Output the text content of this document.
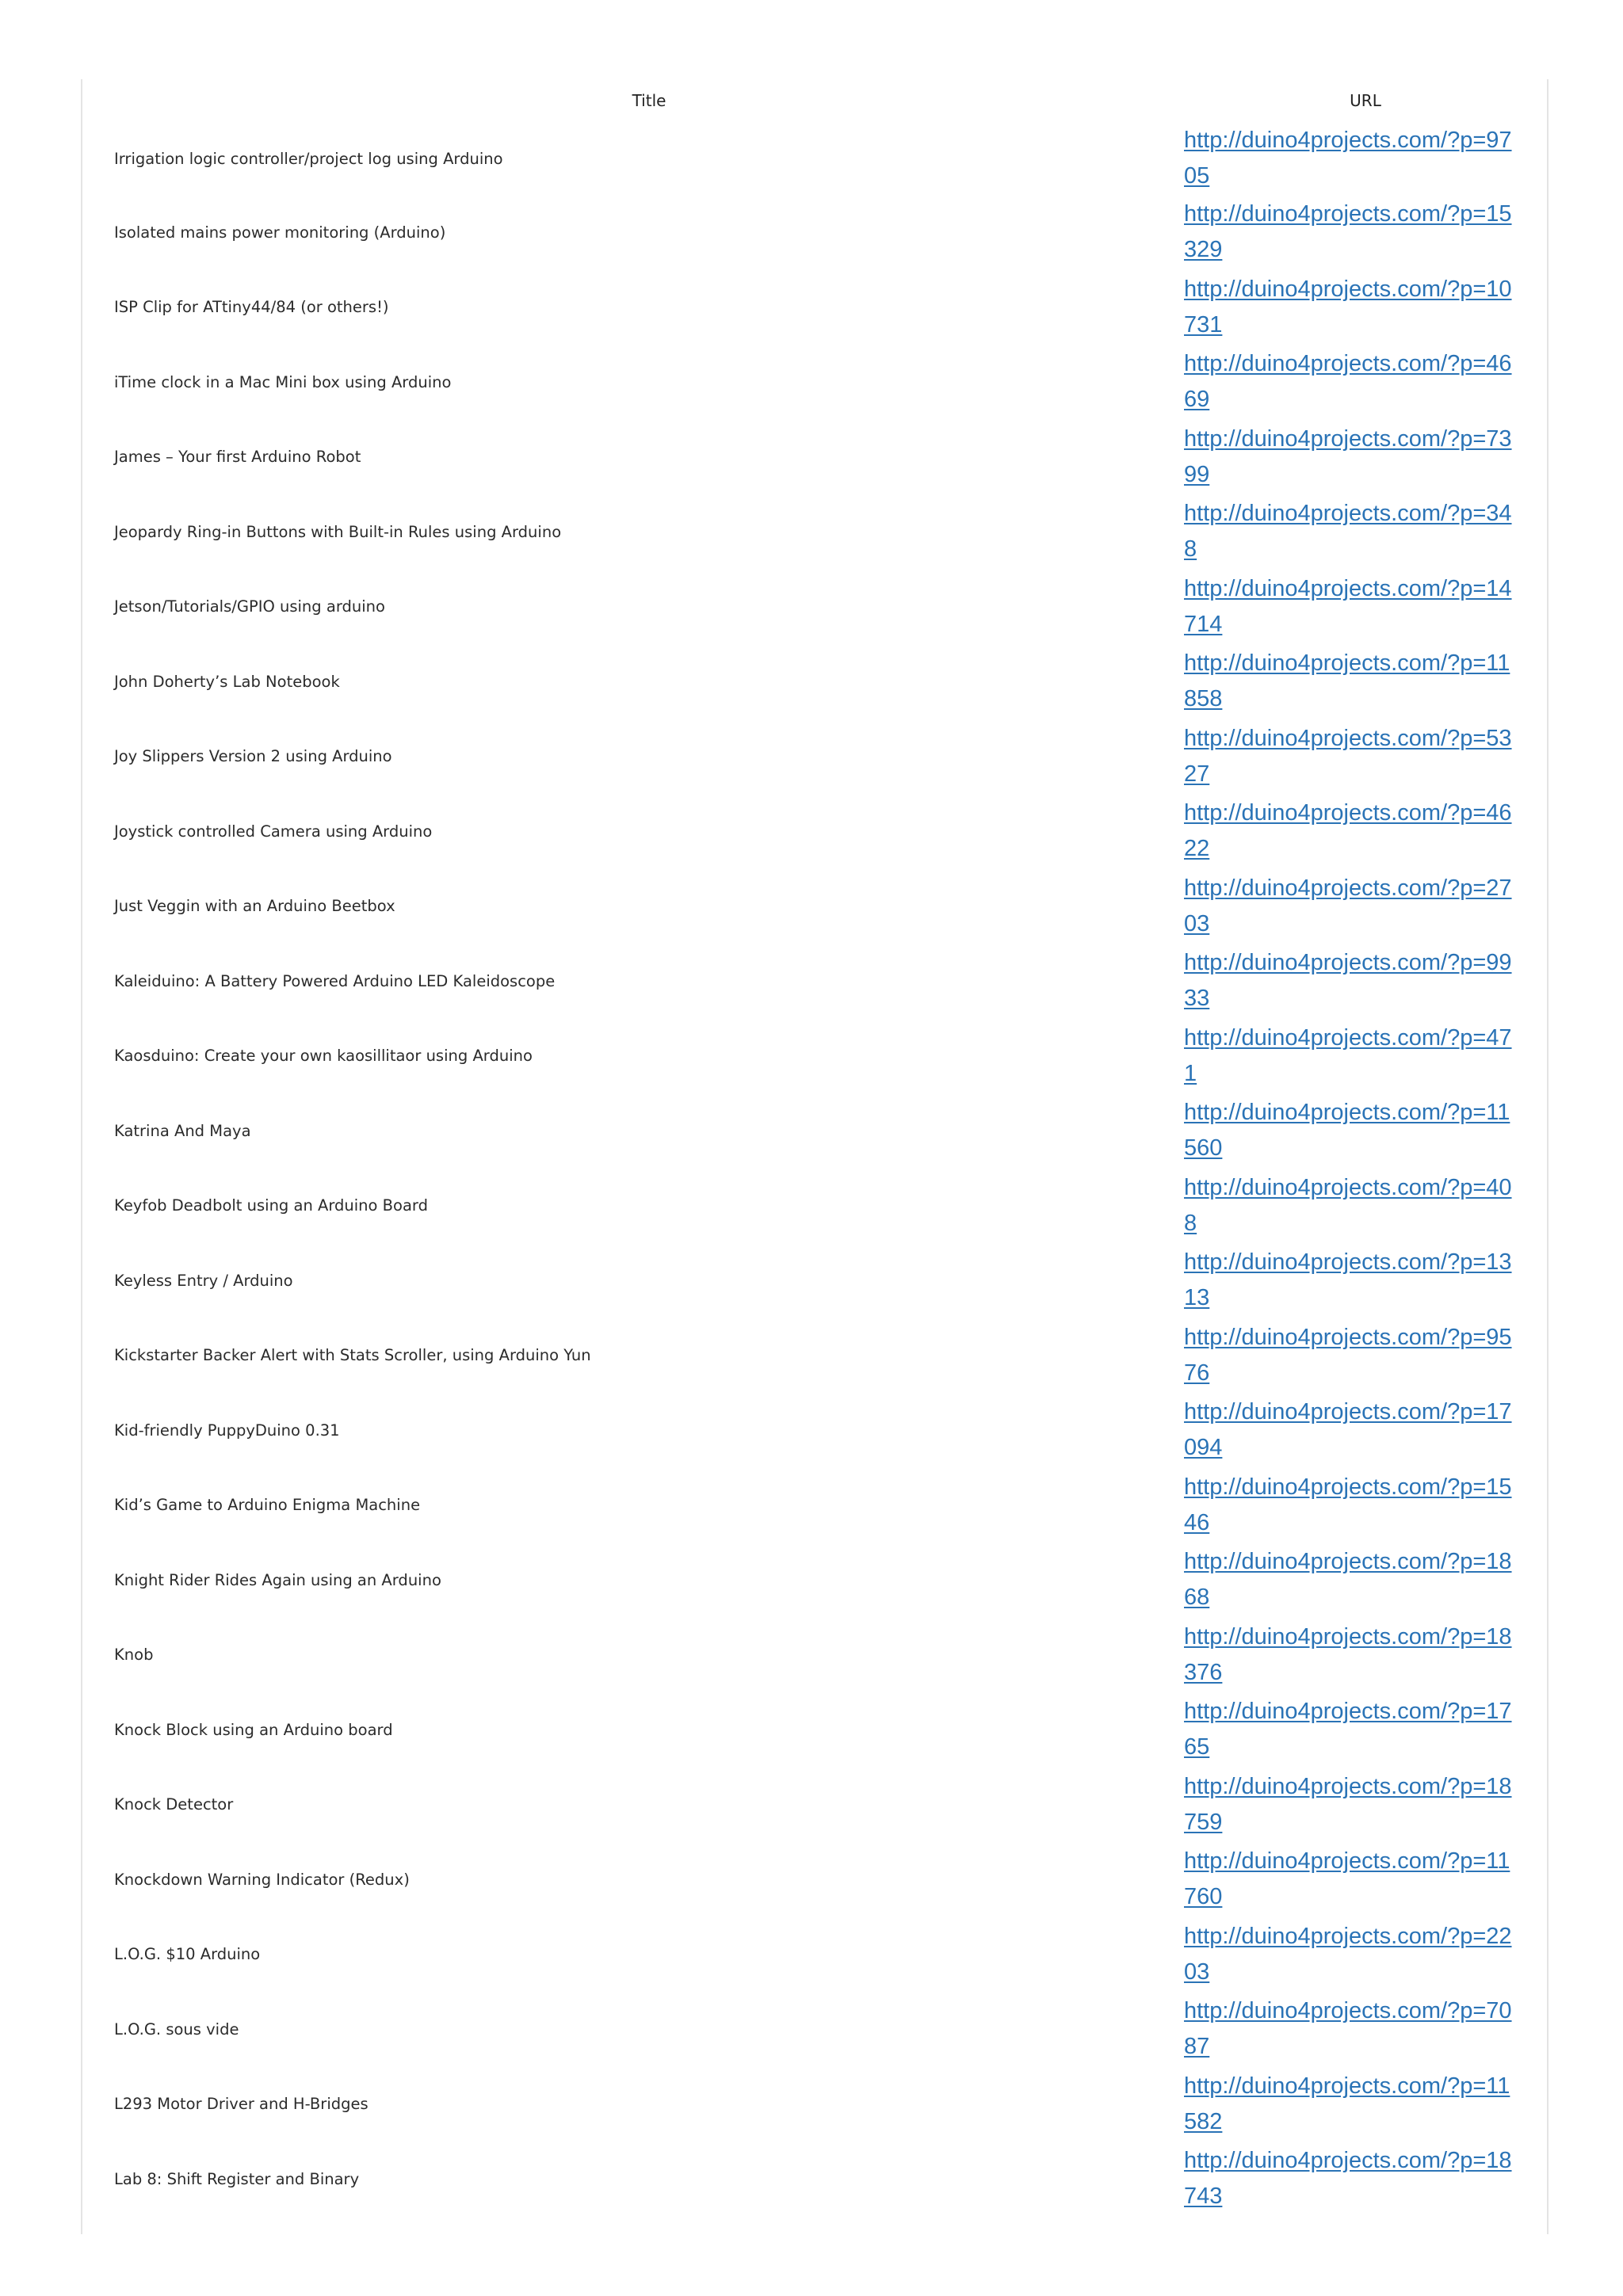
Title	URL
Irrigation logic controller/project log using Arduino	http://duino4projects.com/?p=9705

Isolated mains power monitoring (Arduino)	http://duino4projects.com/?p=15329

ISP Clip for ATtiny44/84 (or others!)	http://duino4projects.com/?p=10731

iTime clock in a Mac Mini box using Arduino	http://duino4projects.com/?p=4669

James – Your first Arduino Robot	http://duino4projects.com/?p=7399

Jeopardy Ring-in Buttons with Built-in Rules using Arduino	http://duino4projects.com/?p=348

Jetson/Tutorials/GPIO using arduino	http://duino4projects.com/?p=14714

John Doherty’s Lab Notebook	http://duino4projects.com/?p=11858

Joy Slippers Version 2 using Arduino	http://duino4projects.com/?p=5327

Joystick controlled Camera using Arduino	http://duino4projects.com/?p=4622

Just Veggin with an Arduino Beetbox	http://duino4projects.com/?p=2703

Kaleiduino: A Battery Powered Arduino LED Kaleidoscope	http://duino4projects.com/?p=9933

Kaosduino: Create your own kaosillitaor using Arduino	http://duino4projects.com/?p=471

Katrina And Maya	http://duino4projects.com/?p=11560

Keyfob Deadbolt using an Arduino Board	http://duino4projects.com/?p=408

Keyless Entry / Arduino	http://duino4projects.com/?p=1313

Kickstarter Backer Alert with Stats Scroller, using Arduino Yun	http://duino4projects.com/?p=9576

Kid-friendly PuppyDuino 0.31	http://duino4projects.com/?p=17094

Kid’s Game to Arduino Enigma Machine	http://duino4projects.com/?p=1546

Knight Rider Rides Again using an Arduino	http://duino4projects.com/?p=1868

Knob	http://duino4projects.com/?p=18376

Knock Block using an Arduino board	http://duino4projects.com/?p=1765

Knock Detector	http://duino4projects.com/?p=18759

Knockdown Warning Indicator (Redux)	http://duino4projects.com/?p=11760

L.O.G. $10 Arduino	http://duino4projects.com/?p=2203

L.O.G. sous vide	http://duino4projects.com/?p=7087

L293 Motor Driver and H-Bridges	http://duino4projects.com/?p=11582

Lab 8: Shift Register and Binary	http://duino4projects.com/?p=18743
